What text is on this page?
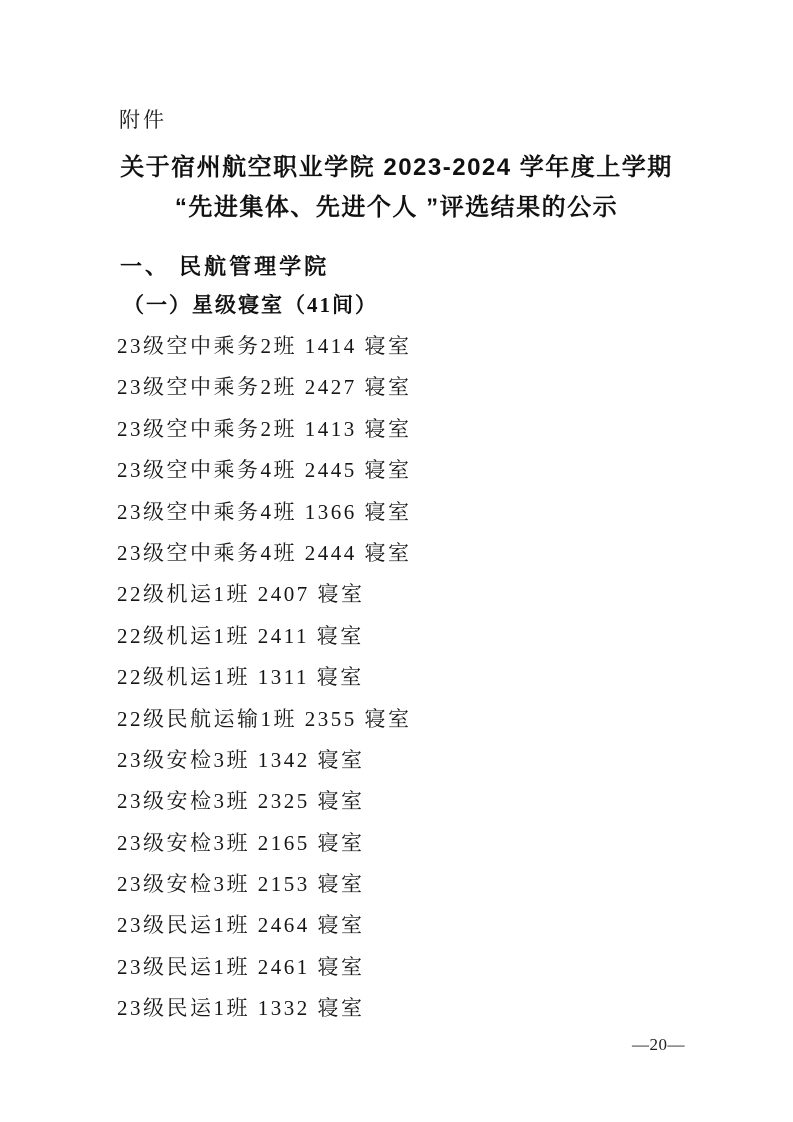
附件
关于宿州航空职业学院 2023-2024 学年度上学期
“先进集体、先进个人 ”评选结果的公示
一、 民航管理学院
（一）星级寝室（41间）
23级空中乘务2班 1414 寝室
23级空中乘务2班 2427 寝室
23级空中乘务2班 1413 寝室
23级空中乘务4班 2445 寝室
23级空中乘务4班 1366 寝室
23级空中乘务4班 2444 寝室
22级机运1班 2407 寝室
22级机运1班 2411 寝室
22级机运1班 1311 寝室
22级民航运输1班 2355 寝室
23级安检3班 1342 寝室
23级安检3班 2325 寝室
23级安检3班 2165 寝室
23级安检3班 2153 寝室
23级民运1班 2464 寝室
23级民运1班 2461 寝室
23级民运1班 1332 寝室
—20—
